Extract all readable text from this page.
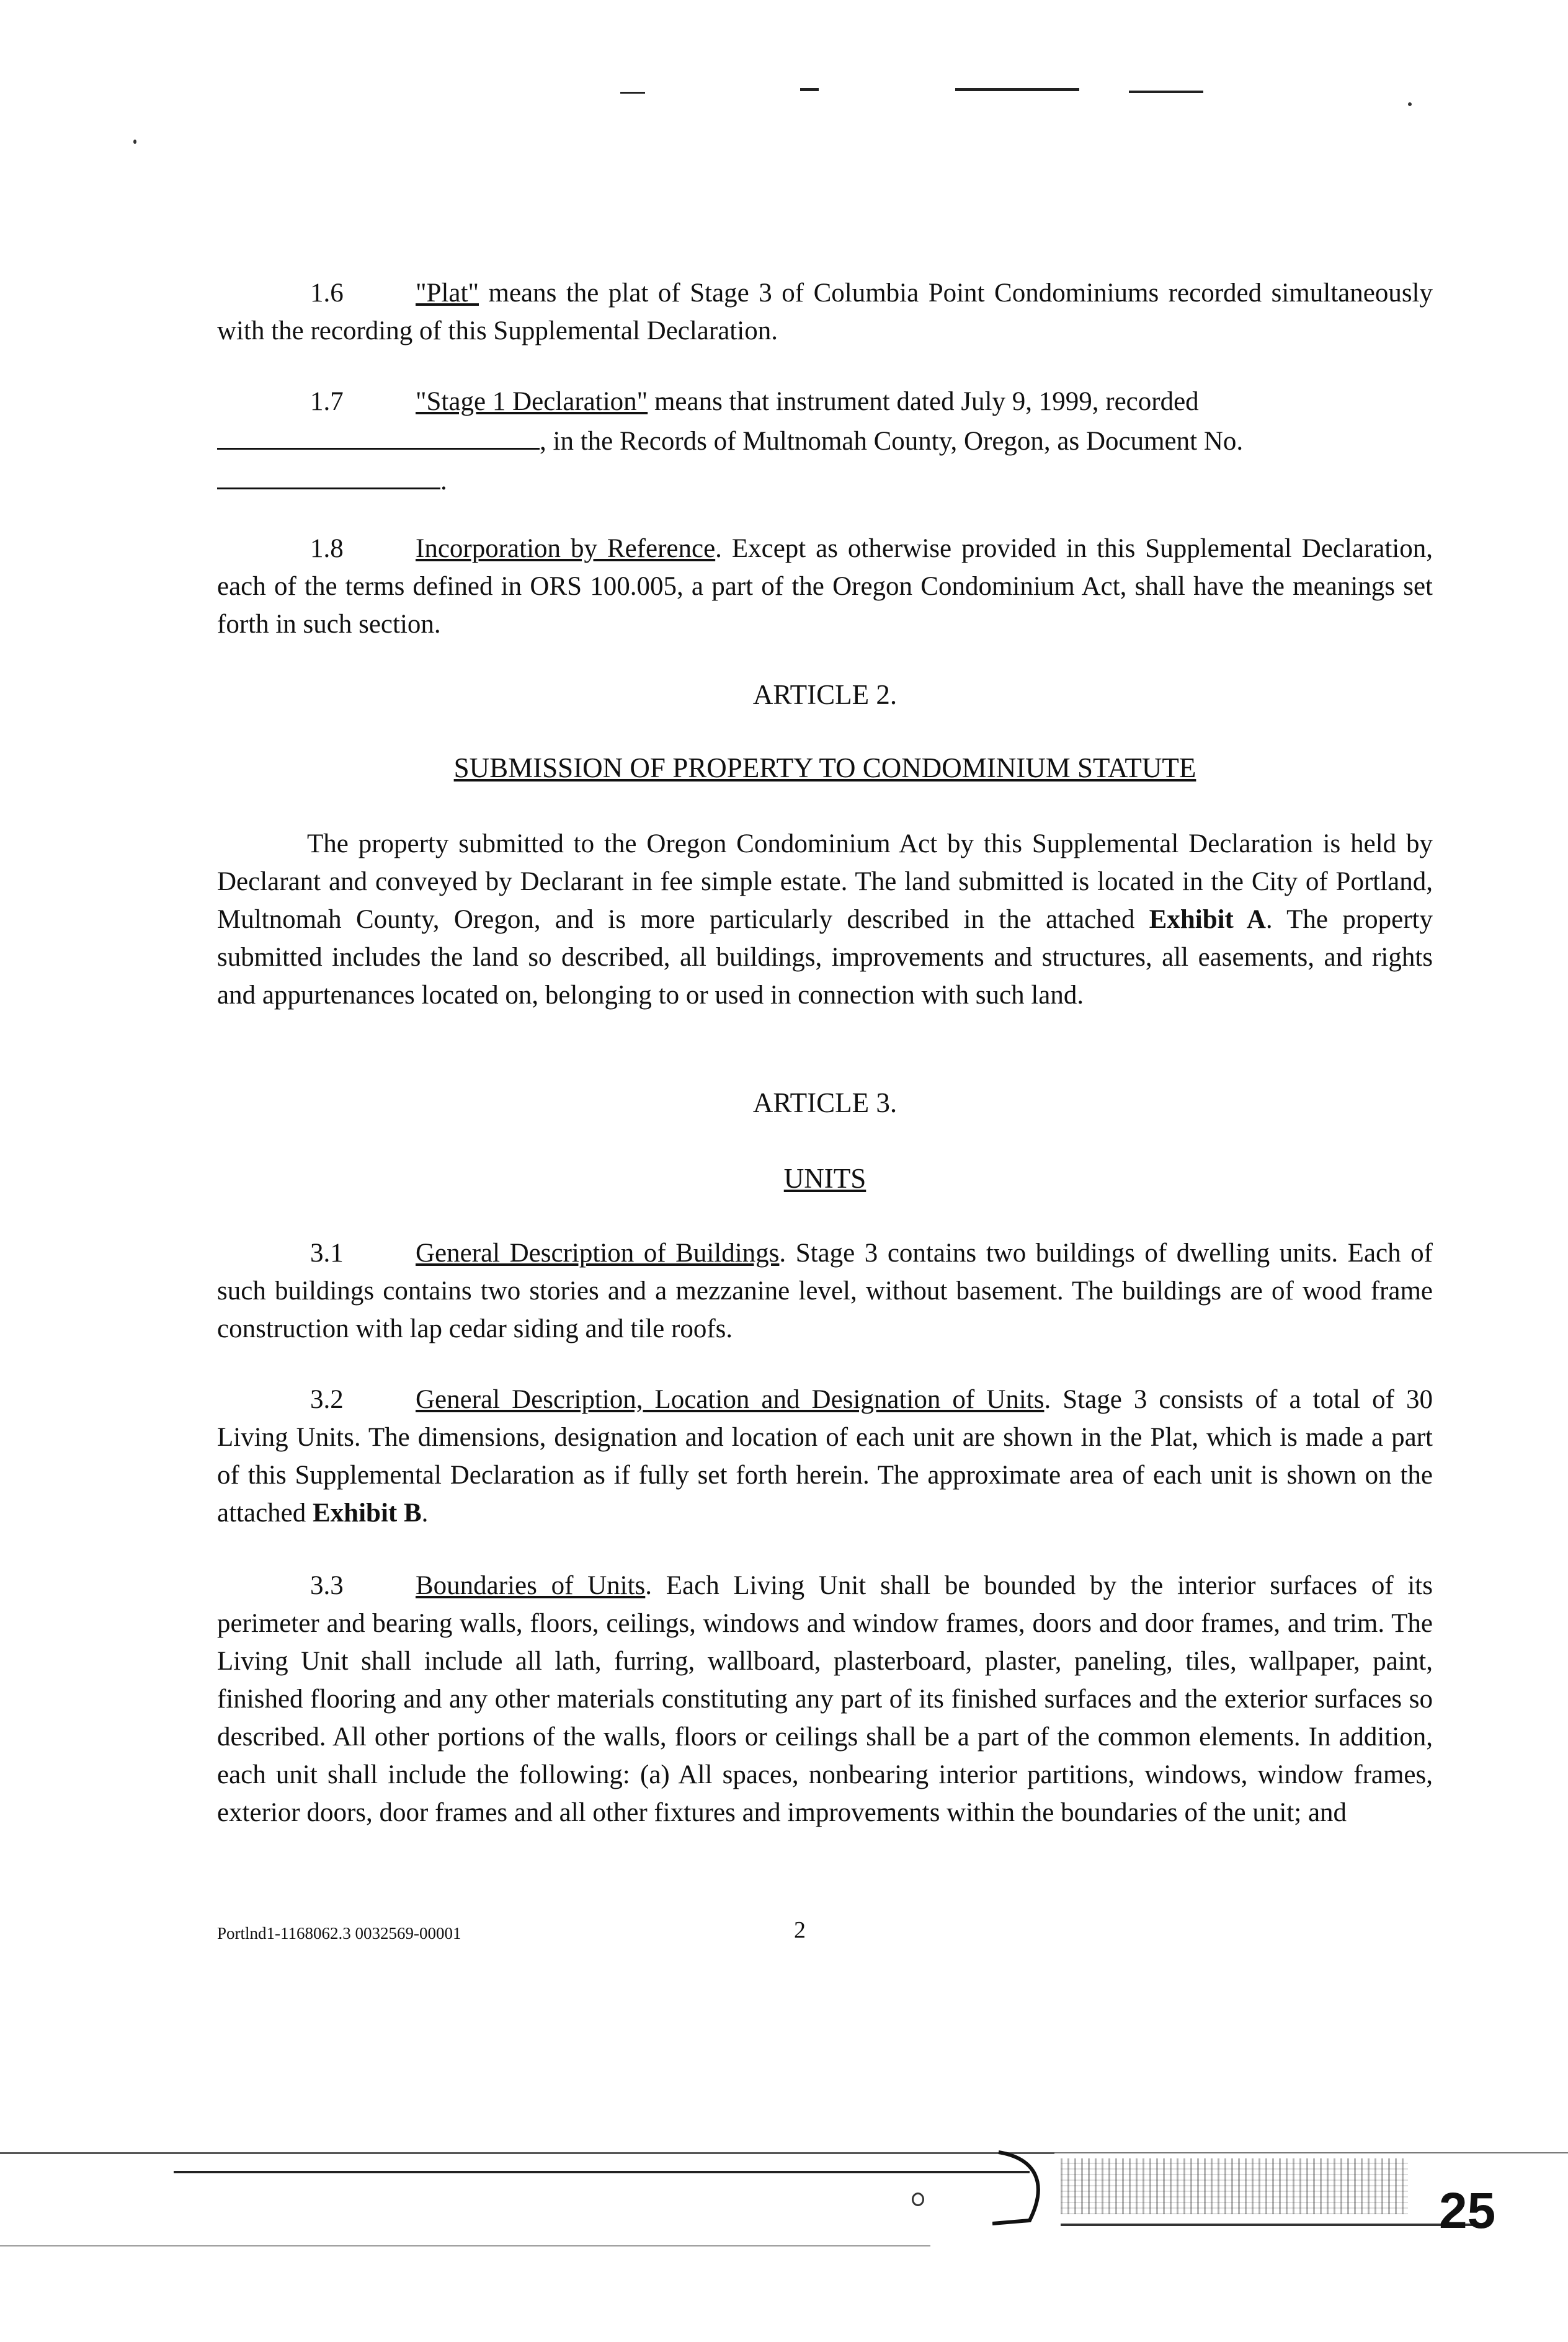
1.6	"Plat" means the plat of Stage 3 of Columbia Point Condominiums recorded simultaneously with the recording of this Supplemental Declaration.
1.7	"Stage 1 Declaration" means that instrument dated July 9, 1999, recorded
, in the Records of Multnomah County, Oregon, as Document No.
.
1.8	Incorporation by Reference. Except as otherwise provided in this Supplemental Declaration, each of the terms defined in ORS 100.005, a part of the Oregon Condominium Act, shall have the meanings set forth in such section.
ARTICLE 2.
SUBMISSION OF PROPERTY TO CONDOMINIUM STATUTE
The property submitted to the Oregon Condominium Act by this Supplemental Declaration is held by Declarant and conveyed by Declarant in fee simple estate. The land submitted is located in the City of Portland, Multnomah County, Oregon, and is more particularly described in the attached Exhibit A. The property submitted includes the land so described, all buildings, improvements and structures, all easements, and rights and appurtenances located on, belonging to or used in connection with such land.
ARTICLE 3.
UNITS
3.1	General Description of Buildings. Stage 3 contains two buildings of dwelling units. Each of such buildings contains two stories and a mezzanine level, without basement. The buildings are of wood frame construction with lap cedar siding and tile roofs.
3.2	General Description, Location and Designation of Units. Stage 3 consists of a total of 30 Living Units. The dimensions, designation and location of each unit are shown in the Plat, which is made a part of this Supplemental Declaration as if fully set forth herein. The approximate area of each unit is shown on the attached Exhibit B.
3.3	Boundaries of Units. Each Living Unit shall be bounded by the interior surfaces of its perimeter and bearing walls, floors, ceilings, windows and window frames, doors and door frames, and trim. The Living Unit shall include all lath, furring, wallboard, plasterboard, plaster, paneling, tiles, wallpaper, paint, finished flooring and any other materials constituting any part of its finished surfaces and the exterior surfaces so described. All other portions of the walls, floors or ceilings shall be a part of the common elements. In addition, each unit shall include the following: (a) All spaces, nonbearing interior partitions, windows, window frames, exterior doors, door frames and all other fixtures and improvements within the boundaries of the unit; and
Portlnd1-1168062.3 0032569-00001	2
25
